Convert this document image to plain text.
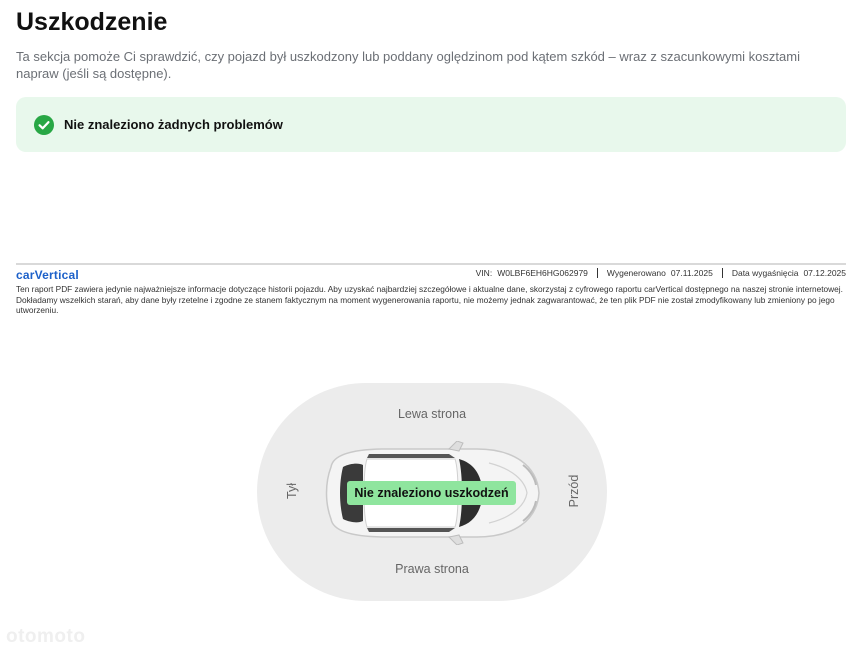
Uszkodzenie

Ta sekcja pomoże Ci sprawdzić, czy pojazd był uszkodzony lub poddany oględzinom pod kątem szkód – wraz z szacunkowymi kosztami napraw (jeśli są dostępne).

Nie znaleziono żadnych problemów
carVertical	VIN: W0LBF6EH6HG062979 Wygenerowano 07.11.2025 Data wygaśnięcia 07.12.2025

Ten raport PDF zawiera jedynie najważniejsze informacje dotyczące historii pojazdu. Aby uzyskać najbardziej szczegółowe i aktualne dane, skorzystaj z cyfrowego raportu carVertical dostępnego na naszej stronie internetowej. Dokładamy wszelkich starań, aby dane były rzetelne i zgodne ze stanem faktycznym na moment wygenerowania raportu, nie możemy jednak zagwarantować, że ten plik PDF nie został zmodyfikowany lub zmieniony po jego utworzeniu.

Lewa strona
Prawa strona
Tył	Przód
Nie znaleziono uszkodzeń
otomoto
